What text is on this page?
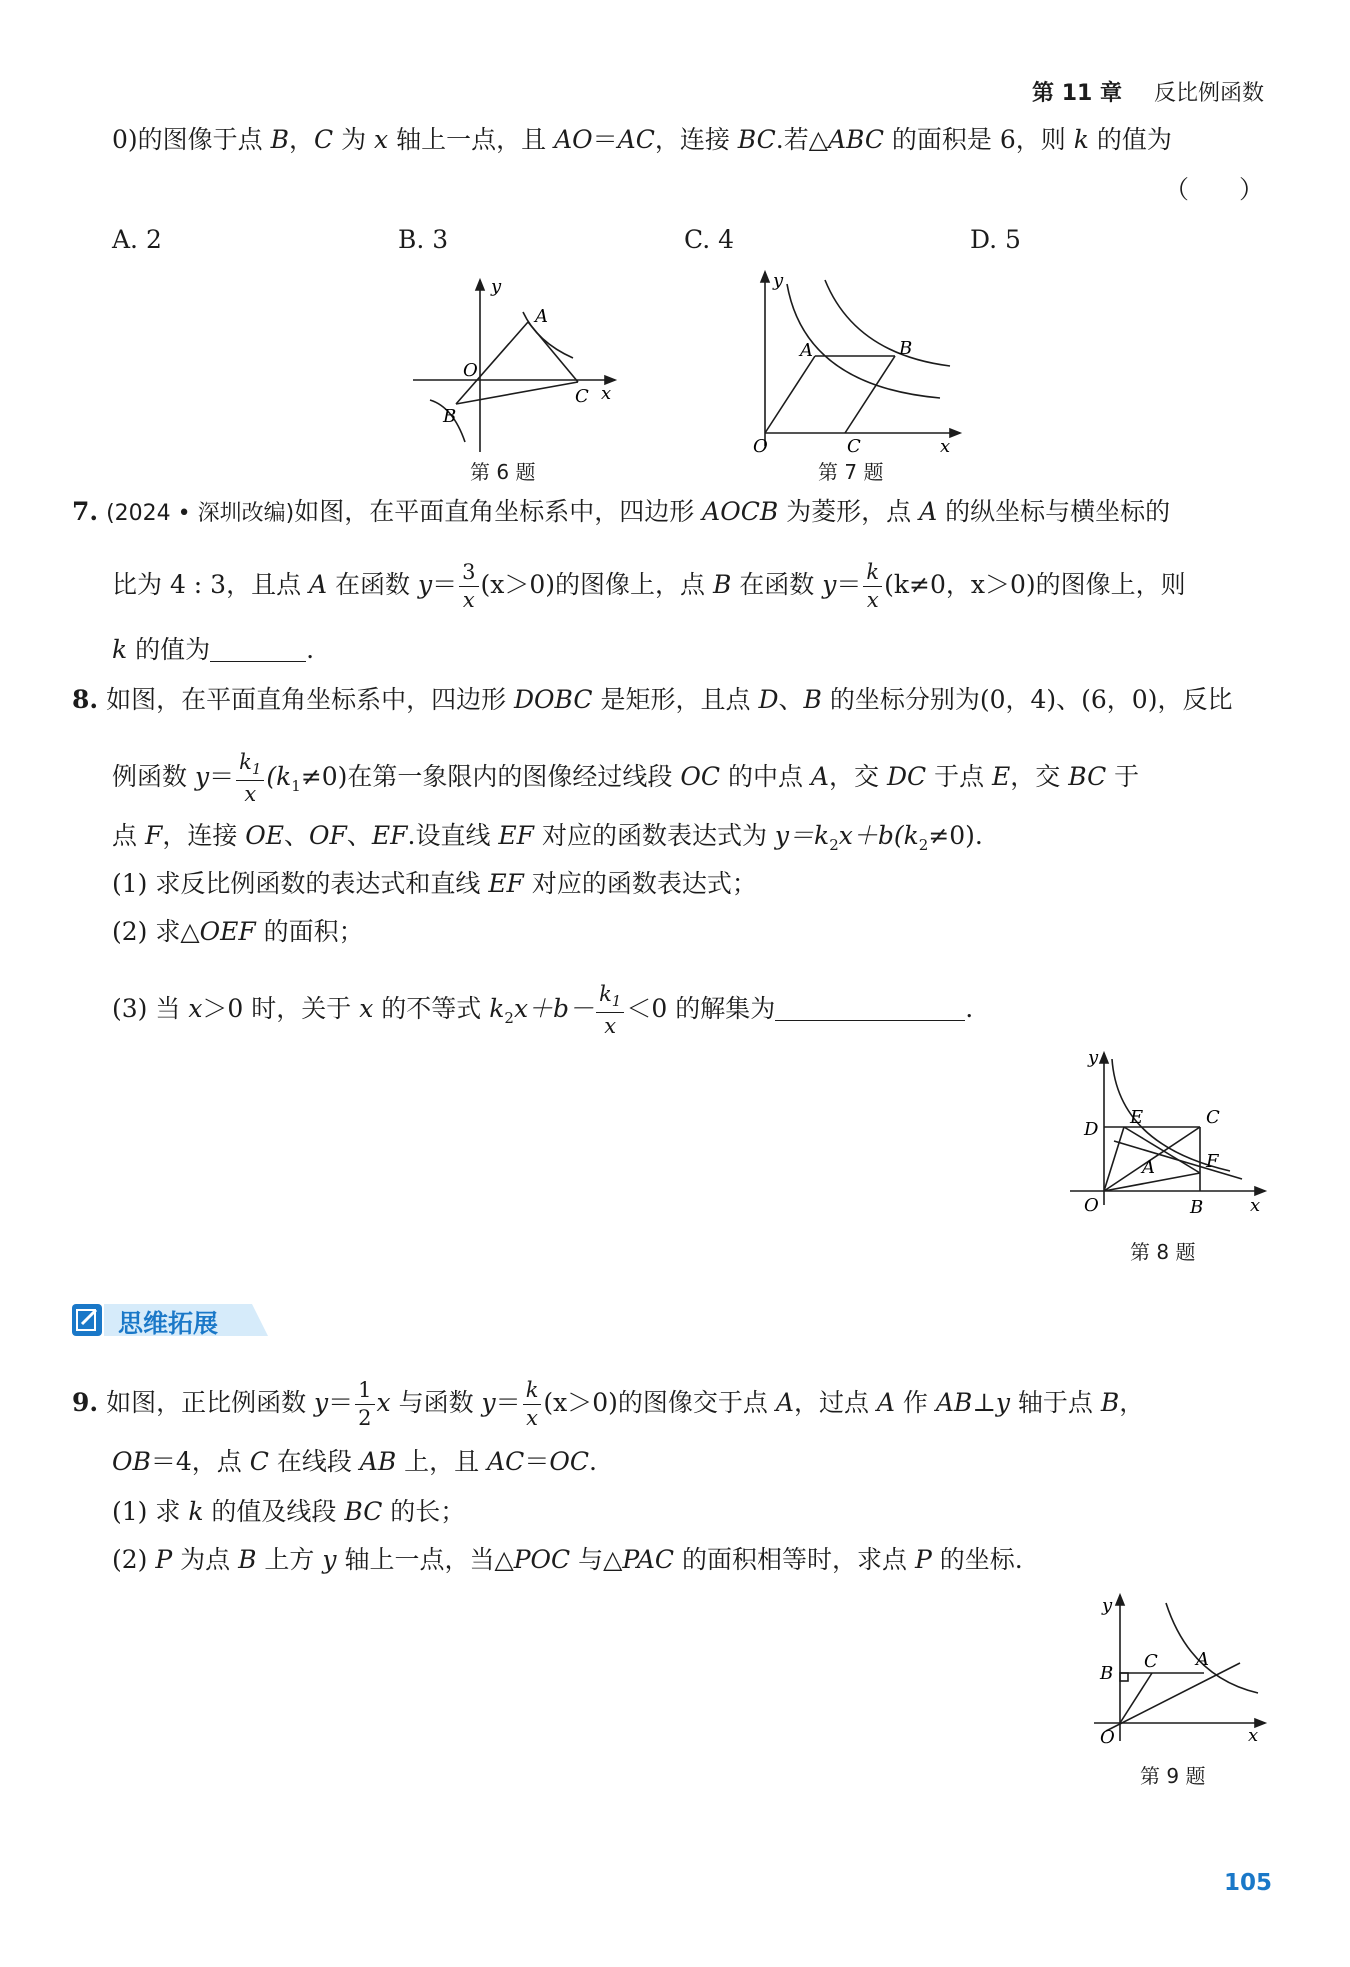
第 11 章 反比例函数
0)的图像于点 B，C 为 x 轴上一点，且 AO＝AC，连接 BC.若△ABC 的面积是 6，则 k 的值为
（　　）
A. 2	B. 3	C. 4	D. 5
y
x
O
A
B
C
第 6 题
y
x
O
A	B
C
第 7 题
7. (2024 • 深圳改编)如图，在平面直角坐标系中，四边形 AOCB 为菱形，点 A 的纵坐标与横坐标的
比为 4 : 3，且点 A 在函数 $y= \frac{3}{x} (x>0)$的图像上，点 B 在函数 $y= \frac{k}{x} (k\ne 0$，x＞0)的图像上，则
k 的值为	.
8. 如图，在平面直角坐标系中，四边形 DOBC 是矩形，且点 D、B 的坐标分别为(0，4)、(6，0)，反比
例函数 $y= \frac{k_1}{x} (k_1\ne 0)$在第一象限内的图像经过线段 OC 的中点 A，交 DC 于点 E，交 BC 于
点 F，连接 OE、OF、EF.设直线 EF 对应的函数表达式为 $y=k_2x+b(k_2\ne 0)$.
(1) 求反比例函数的表达式和直线 EF 对应的函数表达式；
(2) 求△OEF 的面积；
(3) 当 x＞0 时，关于 x 的不等式 $k_2x+b- \frac{k_1}{x} <0$ 的解集为	.
y
x
O
D
E	C
A	F
B
第 8 题
思维拓展
9. 如图，正比例函数 $y= \frac{1}{2}$ x 与函数 $y= \frac{k}{x} (x>0)$的图像交于点 A，过点 A 作 AB⊥y 轴于点 B，
OB＝4，点 C 在线段 AB 上，且 AC＝OC.
(1) 求 k 的值及线段 BC 的长；
(2) P 为点 B 上方 y 轴上一点，当△POC 与△PAC 的面积相等时，求点 P 的坐标.
y
x
O
B
C A
第 9 题
105
